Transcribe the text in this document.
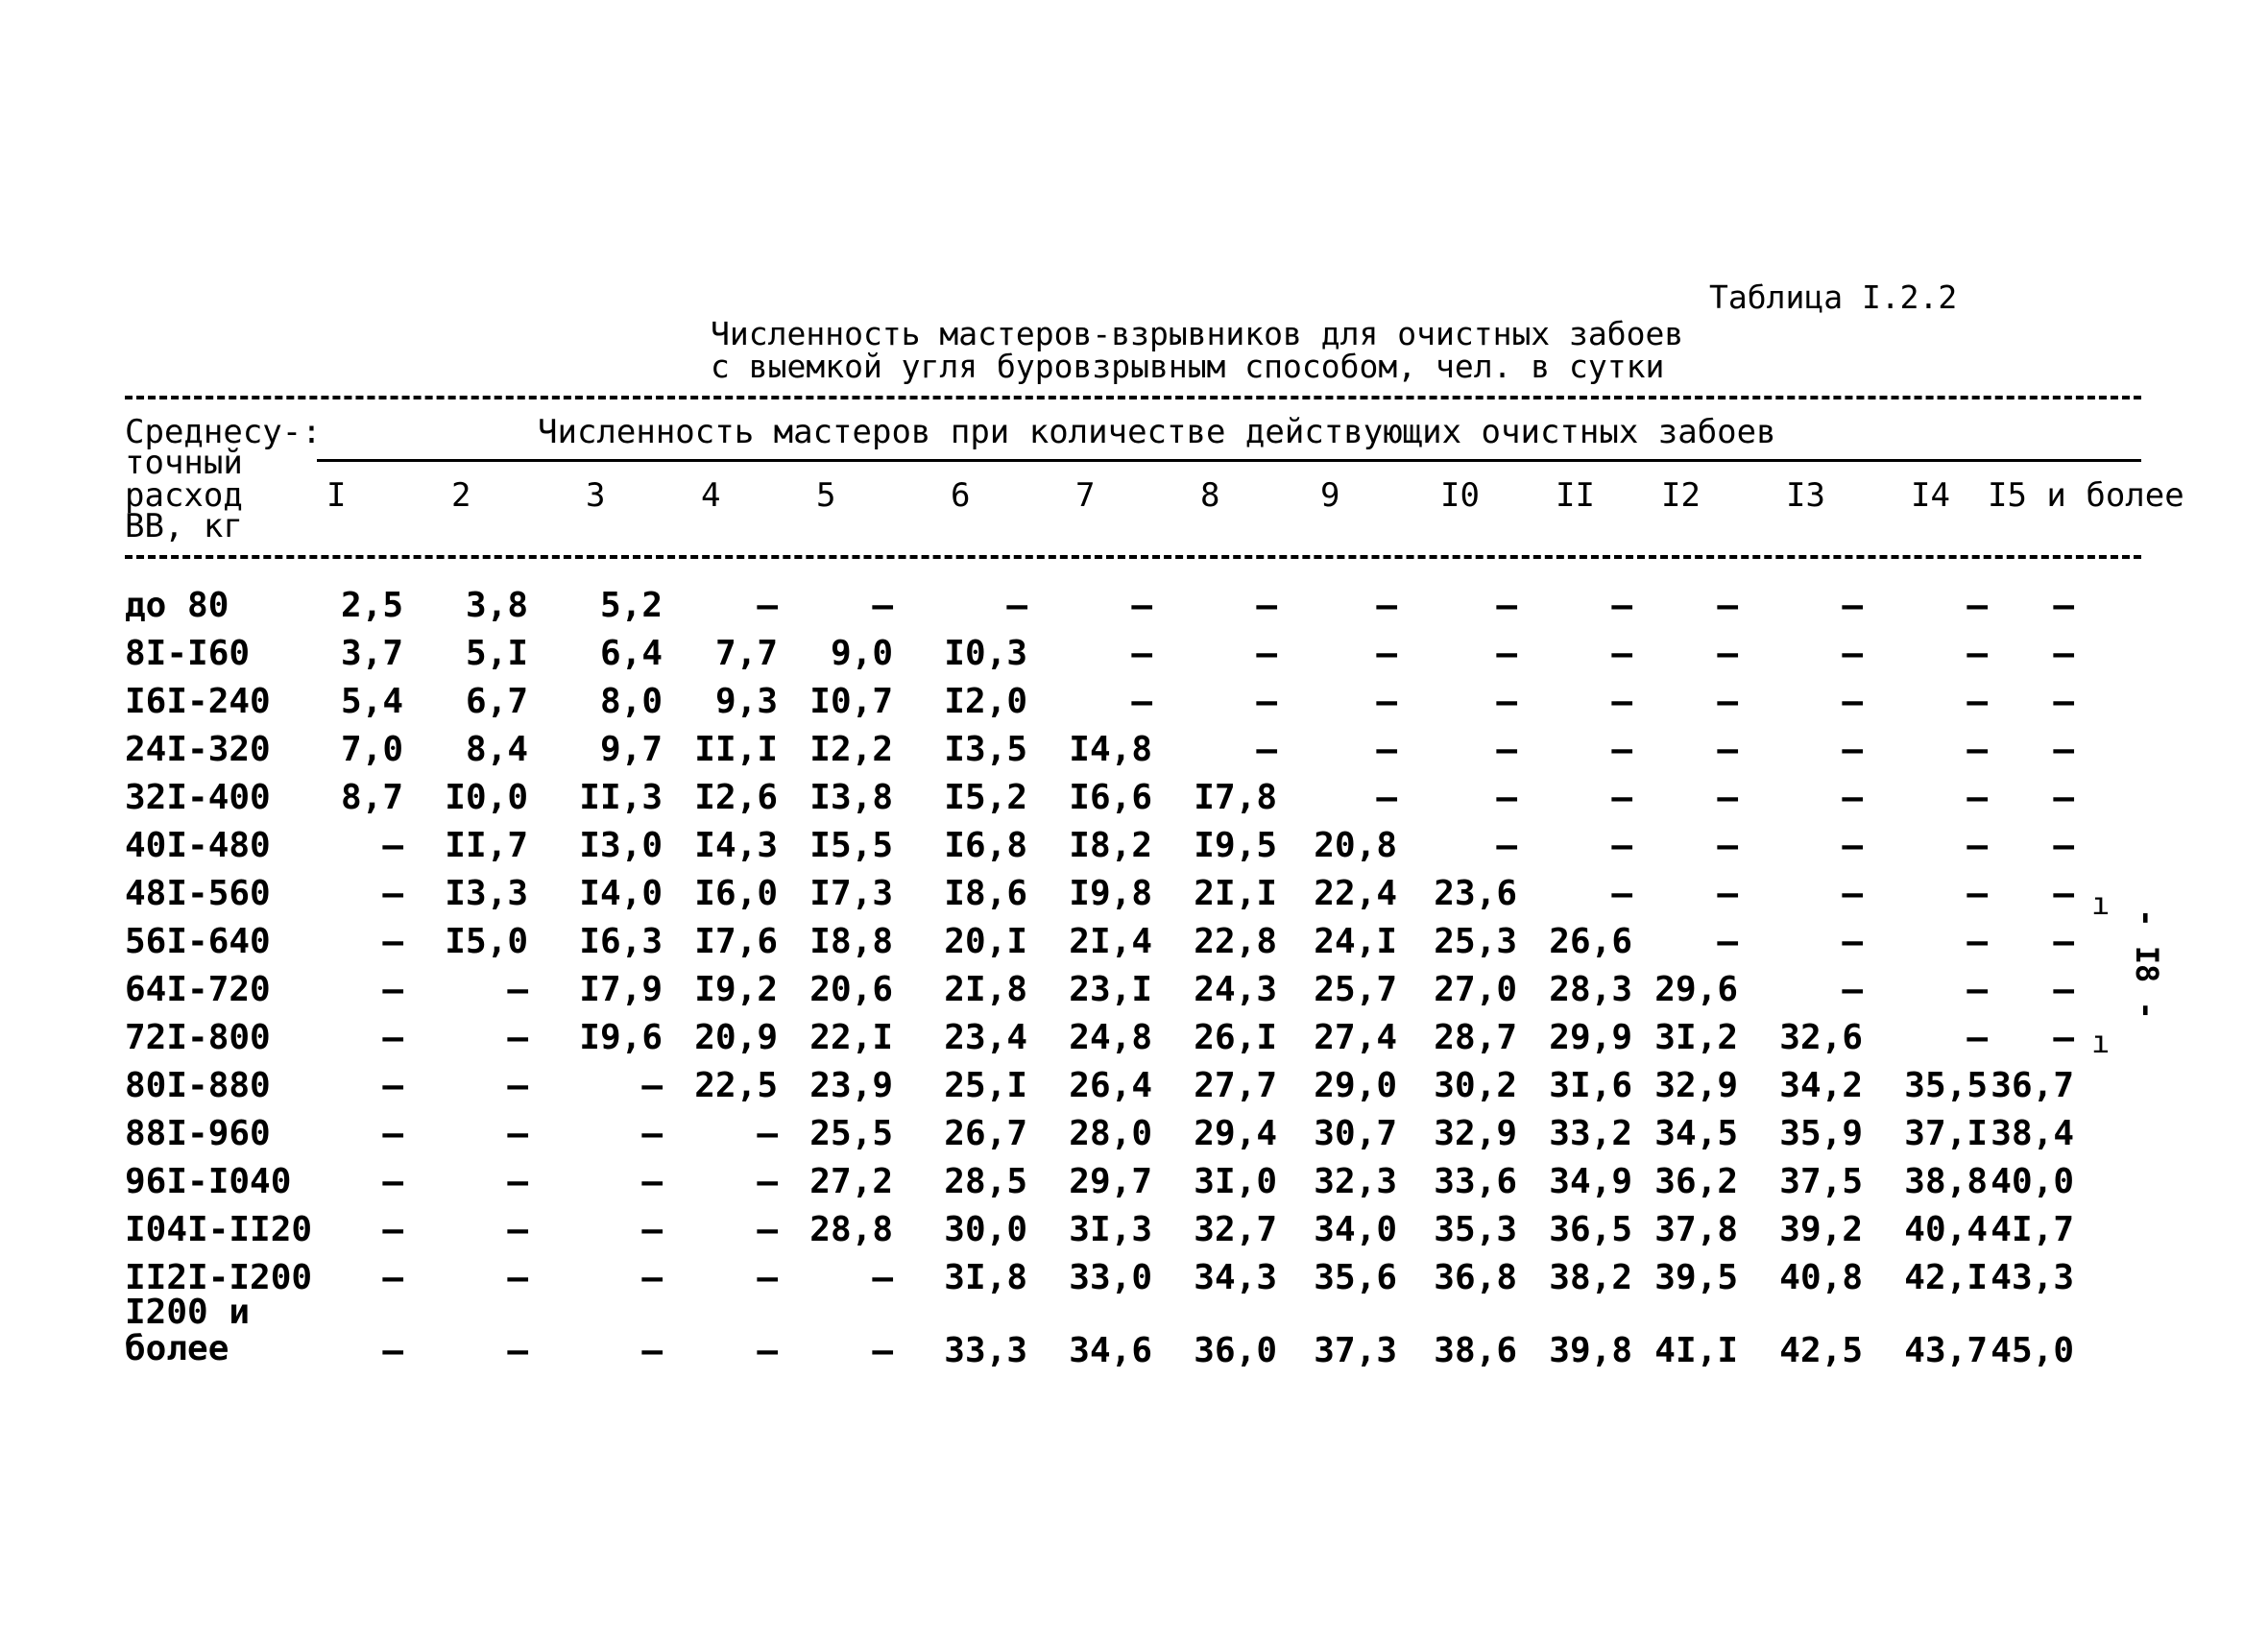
Таблица I.2.2
Численность мастеров-взрывников для очистных забоев
с выемкой угля буровзрывным способом, чел. в сутки
Среднесу-:
точный
расход
ВВ, кг
Численность мастеров при количестве действующих очистных забоев
I	2	3	4	5	6	7	8	9	I0 II I2	I3	I4 I5 и более
до 80	2,5	3,8	5,2	–	–	–	–	–	–	–	–	–	–	–	–
8I-I60	3,7	5,I	6,4	7,7	9,0 I0,3	–	–	–	–	–	–	–	–	–
I6I-240	5,4	6,7	8,0	9,3 I0,7 I2,0	–	–	–	–	–	–	–	–	–
24I-320	7,0	8,4	9,7 II,I I2,2 I3,5 I4,8	–	–	–	–	–	–	–	–
32I-400	8,7 I0,0 II,3 I2,6 I3,8 I5,2 I6,6 I7,8	–	–	–	–	–	–	–
40I-480	– II,7 I3,0 I4,3 I5,5 I6,8 I8,2 I9,5 20,8	–	–	–	–	–	–
48I-560	– I3,3 I4,0 I6,0 I7,3 I8,6 I9,8 2I,I 22,4 23,6	–	–	–	–	–
56I-640	– I5,0 I6,3 I7,6 I8,8 20,I 2I,4 22,8 24,I 25,3 26,6	–	–	–	–
64I-720	–	– I7,9 I9,2 20,6 2I,8 23,I 24,3 25,7 27,0 28,3 29,6	–	–	–
72I-800	–	– I9,6 20,9 22,I 23,4 24,8 26,I 27,4 28,7 29,9 3I,2 32,6	–	–
80I-880	–	–	– 22,5 23,9 25,I 26,4 27,7 29,0 30,2 3I,6 32,9 34,2 35,5 36,7
88I-960	–	–	–	– 25,5 26,7 28,0 29,4 30,7 32,9 33,2 34,5 35,9 37,I 38,4
96I-I040	–	–	–	– 27,2 28,5 29,7 3I,0 32,3 33,6 34,9 36,2 37,5 38,8 40,0
I04I-II20	–	–	–	– 28,8 30,0 3I,3 32,7 34,0 35,3 36,5 37,8 39,2 40,4 4I,7
II2I-I200	–	–	–	–	– 3I,8 33,0 34,3 35,6 36,8 38,2 39,5 40,8 42,I 43,3
I200 и более	–	–	–	–	– 33,3 34,6 36,0 37,3 38,6 39,8 4I,I 42,5 43,7 45,0
ı
- I8 -
ı
